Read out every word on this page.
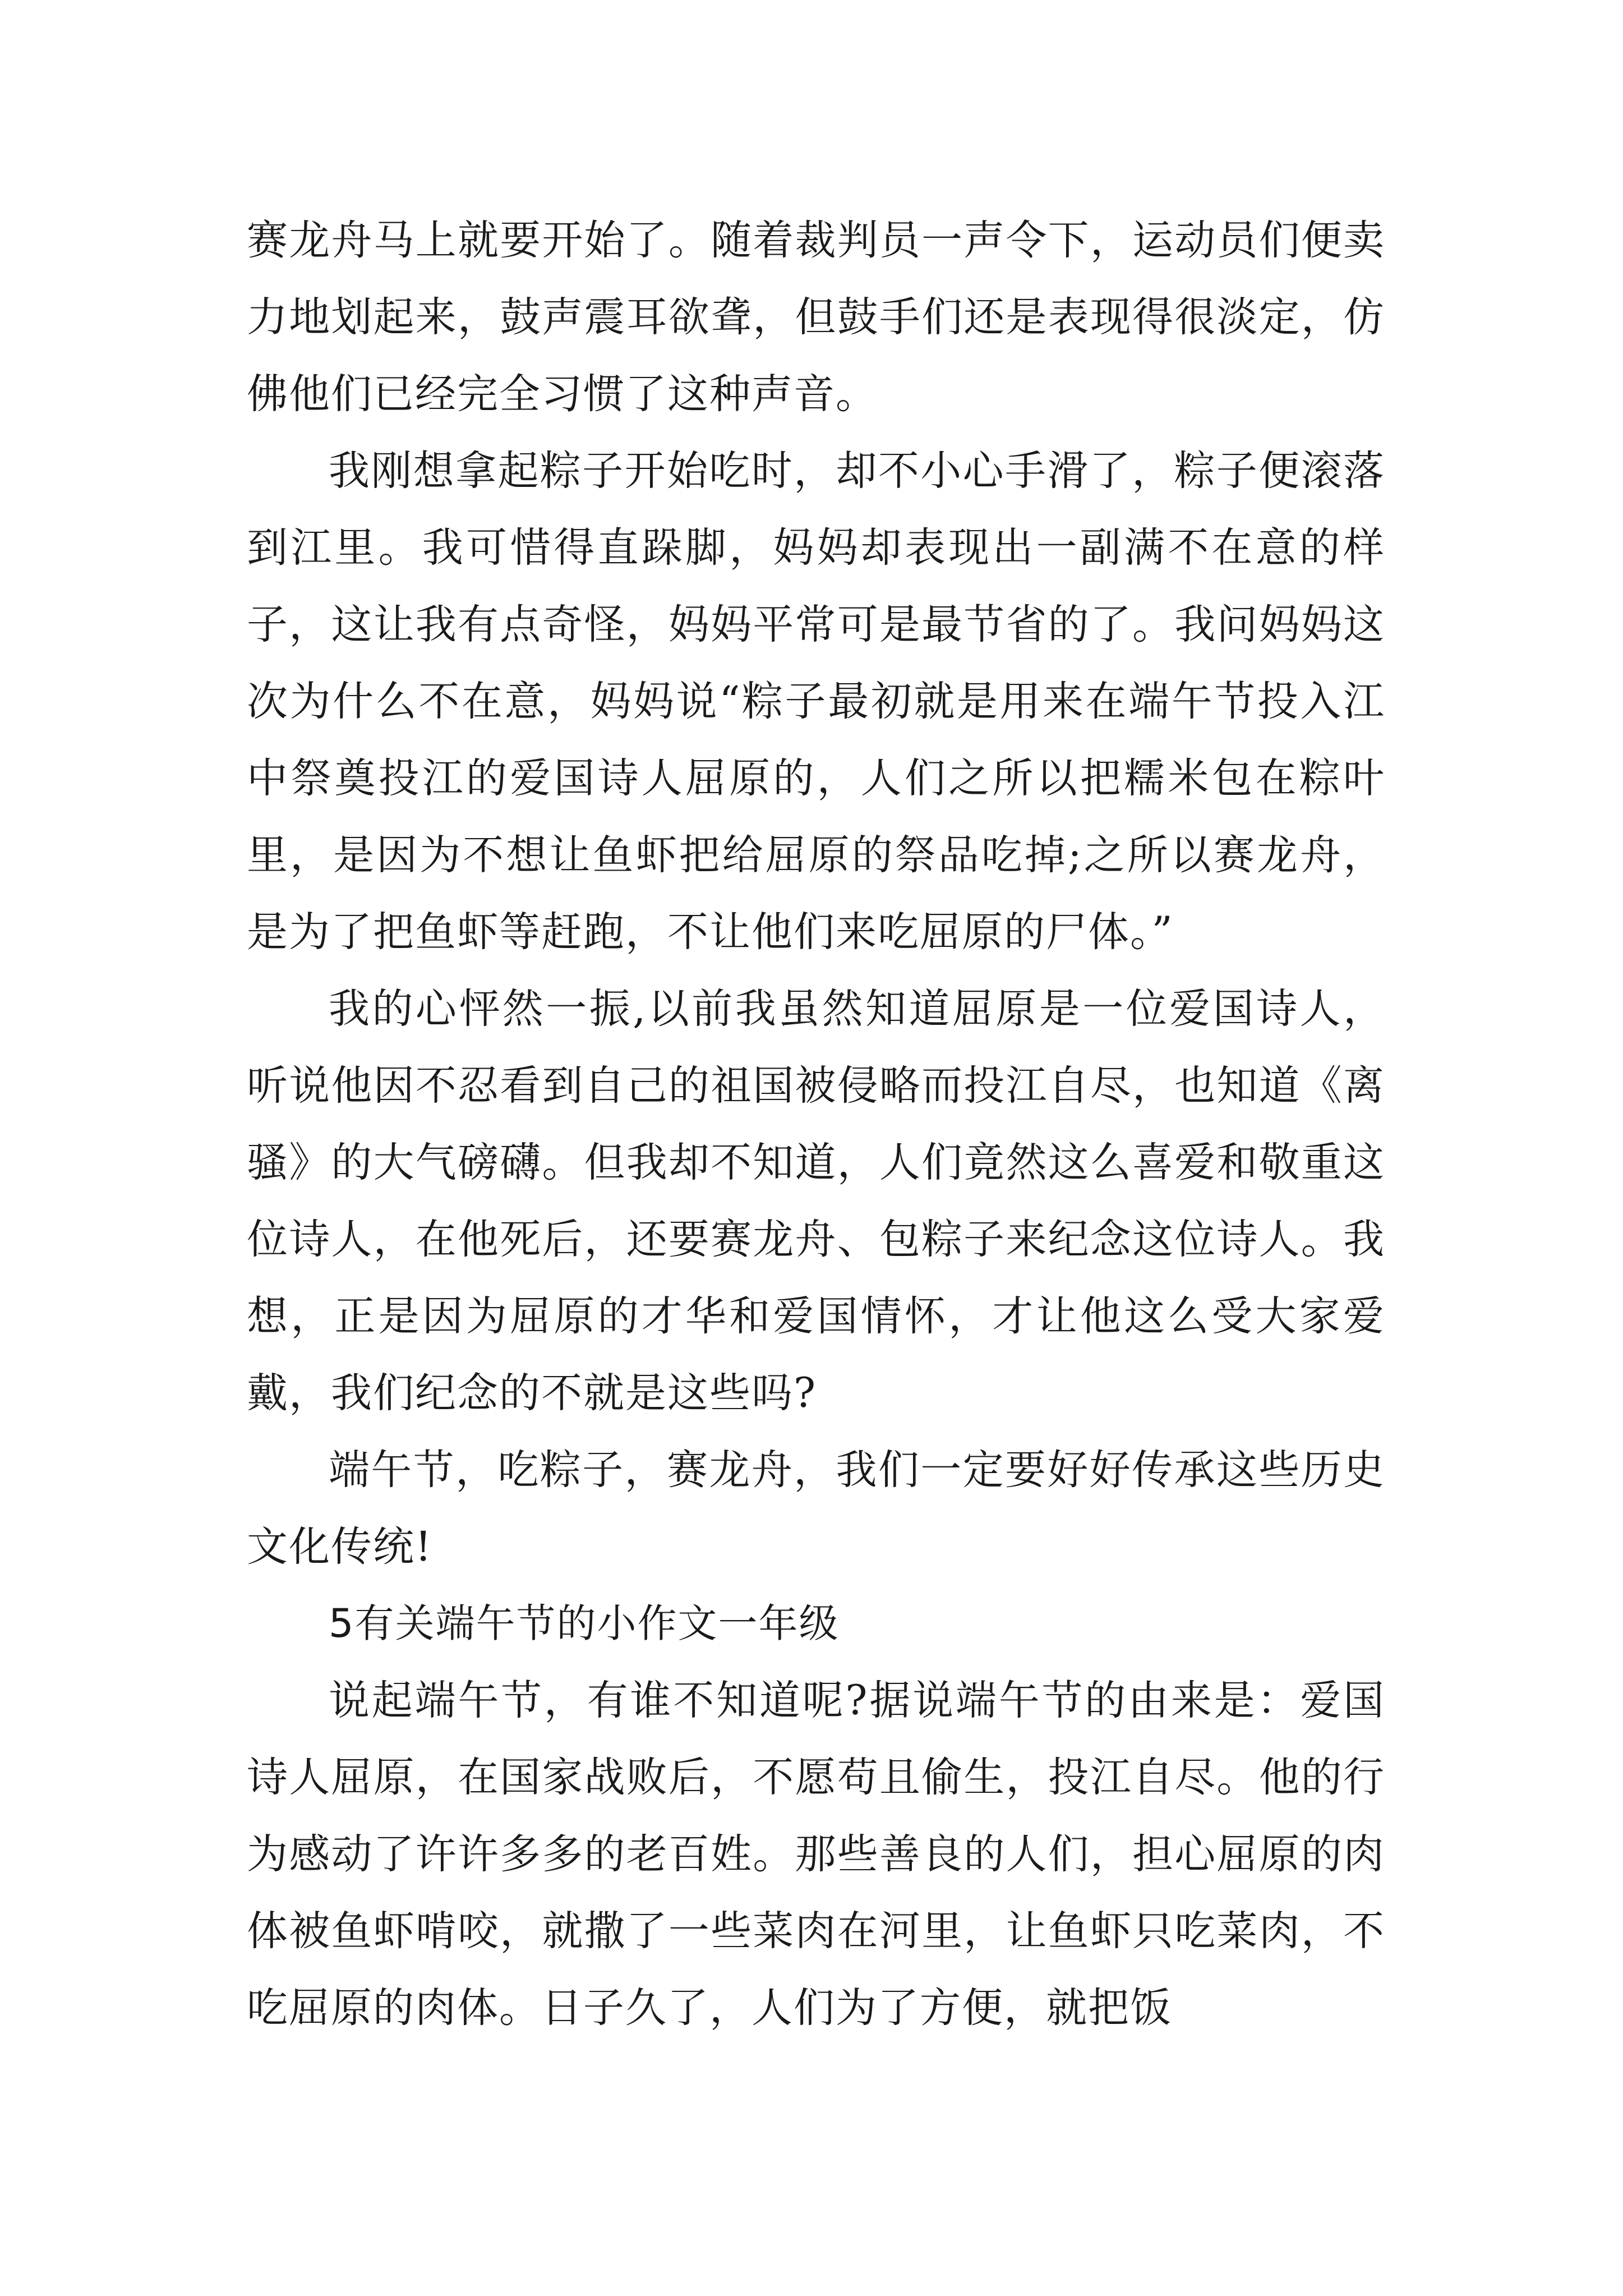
赛龙舟马上就要开始了。随着裁判员一声令下，运动员们便卖力地划起来，鼓声震耳欲聋，但鼓手们还是表现得很淡定，仿佛他们已经完全习惯了这种声音。

我刚想拿起粽子开始吃时，却不小心手滑了，粽子便滚落到江里。我可惜得直跺脚，妈妈却表现出一副满不在意的样子，这让我有点奇怪，妈妈平常可是最节省的了。我问妈妈这次为什么不在意，妈妈说“粽子最初就是用来在端午节投入江中祭奠投江的爱国诗人屈原的，人们之所以把糯米包在粽叶里，是因为不想让鱼虾把给屈原的祭品吃掉;之所以赛龙舟，是为了把鱼虾等赶跑，不让他们来吃屈原的尸体。”

我的心怦然一振,以前我虽然知道屈原是一位爱国诗人，听说他因不忍看到自己的祖国被侵略而投江自尽，也知道《离骚》的大气磅礴。但我却不知道，人们竟然这么喜爱和敬重这位诗人，在他死后，还要赛龙舟、包粽子来纪念这位诗人。我想，正是因为屈原的才华和爱国情怀，才让他这么受大家爱戴，我们纪念的不就是这些吗?

端午节，吃粽子，赛龙舟，我们一定要好好传承这些历史文化传统!

5有关端午节的小作文一年级

说起端午节，有谁不知道呢?据说端午节的由来是：爱国诗人屈原，在国家战败后，不愿苟且偷生，投江自尽。他的行为感动了许许多多的老百姓。那些善良的人们，担心屈原的肉体被鱼虾啃咬，就撒了一些菜肉在河里，让鱼虾只吃菜肉，不吃屈原的肉体。日子久了，人们为了方便，就把饭
